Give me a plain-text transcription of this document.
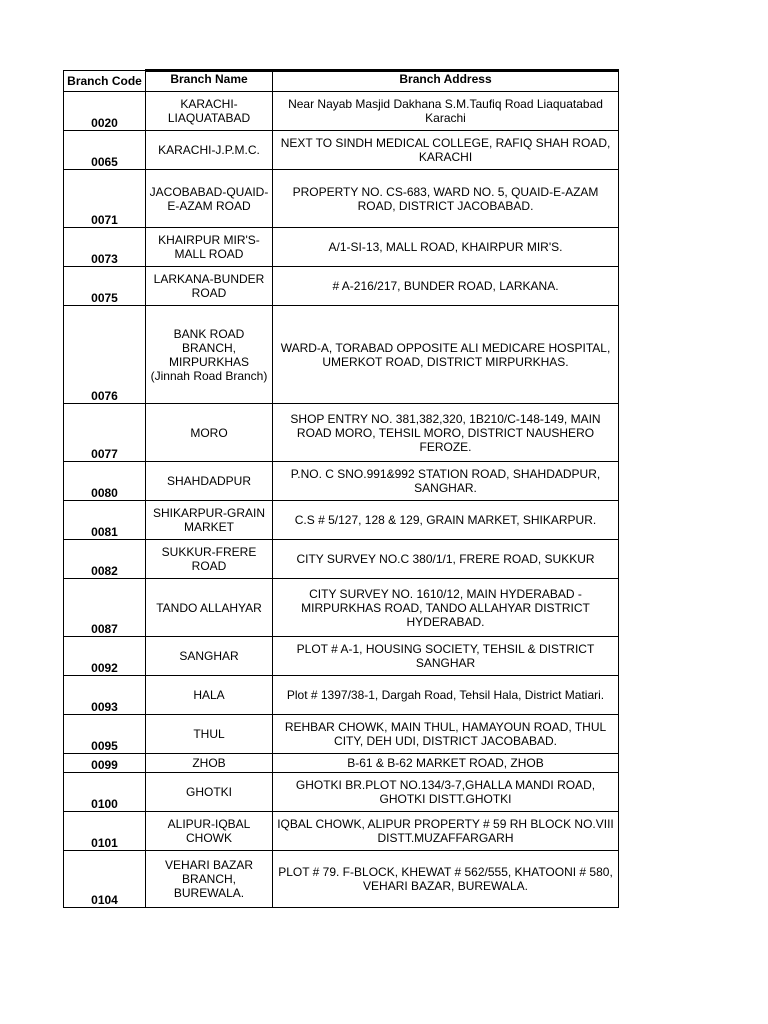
Branch Code	Branch Name	Branch Address
0020	KARACHI-LIAQUATABAD	Near Nayab Masjid Dakhana S.M.Taufiq Road Liaquatabad Karachi
0065	KARACHI-J.P.M.C.	NEXT TO SINDH MEDICAL COLLEGE, RAFIQ SHAH ROAD, KARACHI
0071	JACOBABAD-QUAID-E-AZAM ROAD	PROPERTY NO. CS-683, WARD NO. 5, QUAID-E-AZAM ROAD, DISTRICT JACOBABAD.
0073	KHAIRPUR MIR'S-MALL ROAD	A/1-SI-13, MALL ROAD, KHAIRPUR MIR'S.
0075	LARKANA-BUNDER ROAD	# A-216/217, BUNDER ROAD, LARKANA.
0076	BANK ROAD BRANCH, MIRPURKHAS (Jinnah Road Branch)	WARD-A, TORABAD OPPOSITE ALI MEDICARE HOSPITAL, UMERKOT ROAD, DISTRICT MIRPURKHAS.
0077	MORO	SHOP ENTRY NO. 381,382,320, 1B210/C-148-149, MAIN ROAD MORO, TEHSIL MORO, DISTRICT NAUSHERO FEROZE.
0080	SHAHDADPUR	P.NO. C SNO.991&992 STATION ROAD, SHAHDADPUR, SANGHAR.
0081	SHIKARPUR-GRAIN MARKET	C.S # 5/127, 128 & 129, GRAIN MARKET, SHIKARPUR.
0082	SUKKUR-FRERE ROAD	CITY SURVEY NO.C 380/1/1, FRERE ROAD, SUKKUR
0087	TANDO ALLAHYAR	CITY SURVEY NO. 1610/12, MAIN HYDERABAD - MIRPURKHAS ROAD, TANDO ALLAHYAR DISTRICT HYDERABAD.
0092	SANGHAR	PLOT # A-1, HOUSING SOCIETY, TEHSIL & DISTRICT SANGHAR
0093	HALA	Plot # 1397/38-1, Dargah Road, Tehsil Hala, District Matiari.
0095	THUL	REHBAR CHOWK, MAIN THUL, HAMAYOUN ROAD, THUL CITY, DEH UDI, DISTRICT JACOBABAD.
0099	ZHOB	B-61 & B-62 MARKET ROAD, ZHOB
0100	GHOTKI	GHOTKI BR.PLOT NO.134/3-7,GHALLA MANDI ROAD, GHOTKI DISTT.GHOTKI
0101	ALIPUR-IQBAL CHOWK	IQBAL CHOWK, ALIPUR PROPERTY # 59 RH BLOCK NO.VIII DISTT.MUZAFFARGARH
0104	VEHARI BAZAR BRANCH, BUREWALA.	PLOT # 79. F-BLOCK, KHEWAT # 562/555, KHATOONI # 580, VEHARI BAZAR, BUREWALA.
